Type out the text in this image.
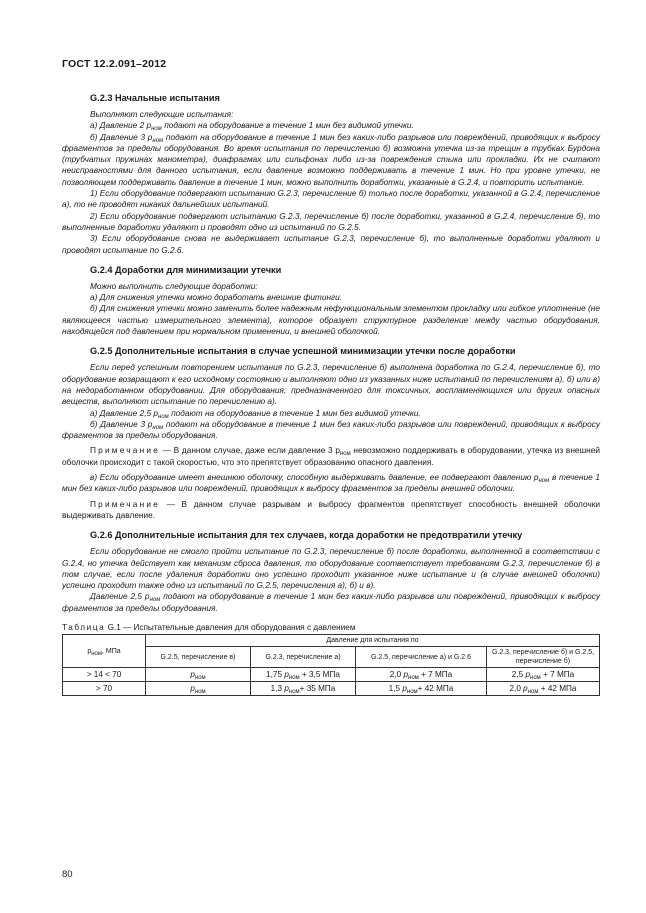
ГОСТ 12.2.091–2012
G.2.3 Начальные испытания

Выполняют следующие испытания:

а) Давление 2 $p_{ном}$ подают на оборудование в течение 1 мин без видимой утечки.

б) Давление 3 $p_{ном}$ подают на оборудование в течение 1 мин без каких-либо разрывов или повреждений, приводящих к выбросу фрагментов за пределы оборудования. Во время испытания по перечислению б) возможна утечка из-за трещин в трубках Бурдона (трубчатых пружинах манометра), диафрагмах или сильфонах либо из-за повреждения стыка или прокладки. Их не считают неисправностями для данного испытания, если давление возможно поддерживать в течение 1 мин. Но при уровне утечки, не позволяющем поддерживать давление в течение 1 мин, можно выполнить доработки, указанные в G.2.4, и повторить испытание.

1) Если оборудование подвергают испытанию G.2.3, перечисление б) только после доработки, указанной в G.2.4, перечисление а), то не проводят никаких дальнейших испытаний.

2) Если оборудование подвергают испытанию G.2.3, перечисление б) после доработки, указанной в G.2.4, перечисление б), то выполненные доработки удаляют и проводят одно из испытаний по G.2.5.

3) Если оборудование снова не выдерживает испытание G.2.3, перечисление б), то выполненные доработки удаляют и проводят испытание по G.2.6.

G.2.4 Доработки для минимизации утечки

Можно выполнить следующие доработки:

а) Для снижения утечки можно доработать внешние фитинги.

б) Для снижения утечки можно заменить более надежным нефункциональным элементом прокладку или гибкое уплотнение (не являющееся частью измерительного элемента), которое образует структурное разделение между частью оборудования, находящейся под давлением при нормальном применении, и внешней оболочкой.

G.2.5 Дополнительные испытания в случае успешной минимизации утечки после доработки

Если перед успешным повторением испытания по G.2.3, перечисление б) выполнена доработка по G.2.4, перечисление б), то оборудование возвращают к его исходному состоянию и выполняют одно из указанных ниже испытаний по перечислениям а), б) или в) на недоработанном оборудовании. Для оборудования, предназначенного для токсичных, воспламеняющихся или других опасных веществ, выполняют испытание по перечислению а).

а) Давление 2,5 $p_{ном}$ подают на оборудование в течение 1 мин без видимой утечки.

б) Давление 3 $p_{ном}$ подают на оборудование в течение 1 мин без каких-либо разрывов или повреждений, приводящих к выбросу фрагментов за пределы оборудования.

Примечание — В данном случае, даже если давление 3 $p_{ном}$ невозможно поддерживать в оборудовании, утечка из внешней оболочки происходит с такой скоростью, что это препятствует образованию опасного давления.

в) Если оборудование имеет внешнюю оболочку, способную выдерживать давление, ее подвергают давлению $p_{ном}$ в течение 1 мин без каких-либо разрывов или повреждений, приводящих к выбросу фрагментов за пределы внешней оболочки.

Примечание — В данном случае разрывам и выбросу фрагментов препятствует способность внешней оболочки выдерживать давление.

G.2.6 Дополнительные испытания для тех случаев, когда доработки не предотвратили утечку

Если оборудование не смогло пройти испытание по G.2.3, перечисление б) после доработки, выполненной в соответствии с G.2.4, но утечка действует как механизм сброса давления, то оборудование соответствует требованиям G.2.3, перечисление б) в том случае, если после удаления доработки оно успешно проходит указанное ниже испытание и (в случае внешней оболочки) успешно проходит также одно из испытаний по G.2.5, перечисления а), б) и в).

Давление 2,5 $p_{ном}$ подают на оборудование в течение 1 мин без каких-либо разрывов или повреждений, приводящих к выбросу фрагментов за пределы оборудования.

Таблица G.1 — Испытательные давления для оборудования с давлением
$p_{ном}$, МПа	Давление для испытания по			
	G.2.5, перечисление в)	G.2.3, перечисление а)	G.2.5, перечисление а) и G.2.6	G.2.3, перечисление б) и G.2.5, перечисление б)
> 14 < 70	$p_{ном}$	1,75 $p_{ном} + 3,5$ МПа	2,0 $p_{ном} + 7$ МПа	2,5 $p_{ном} + 7$ МПа
> 70	$p_{ном}$	1,3 $p_{ном}+ 35$ МПа	1,5 $p_{ном}+ 42$ МПа	2,0 $p_{ном} + 42$ МПа
80
